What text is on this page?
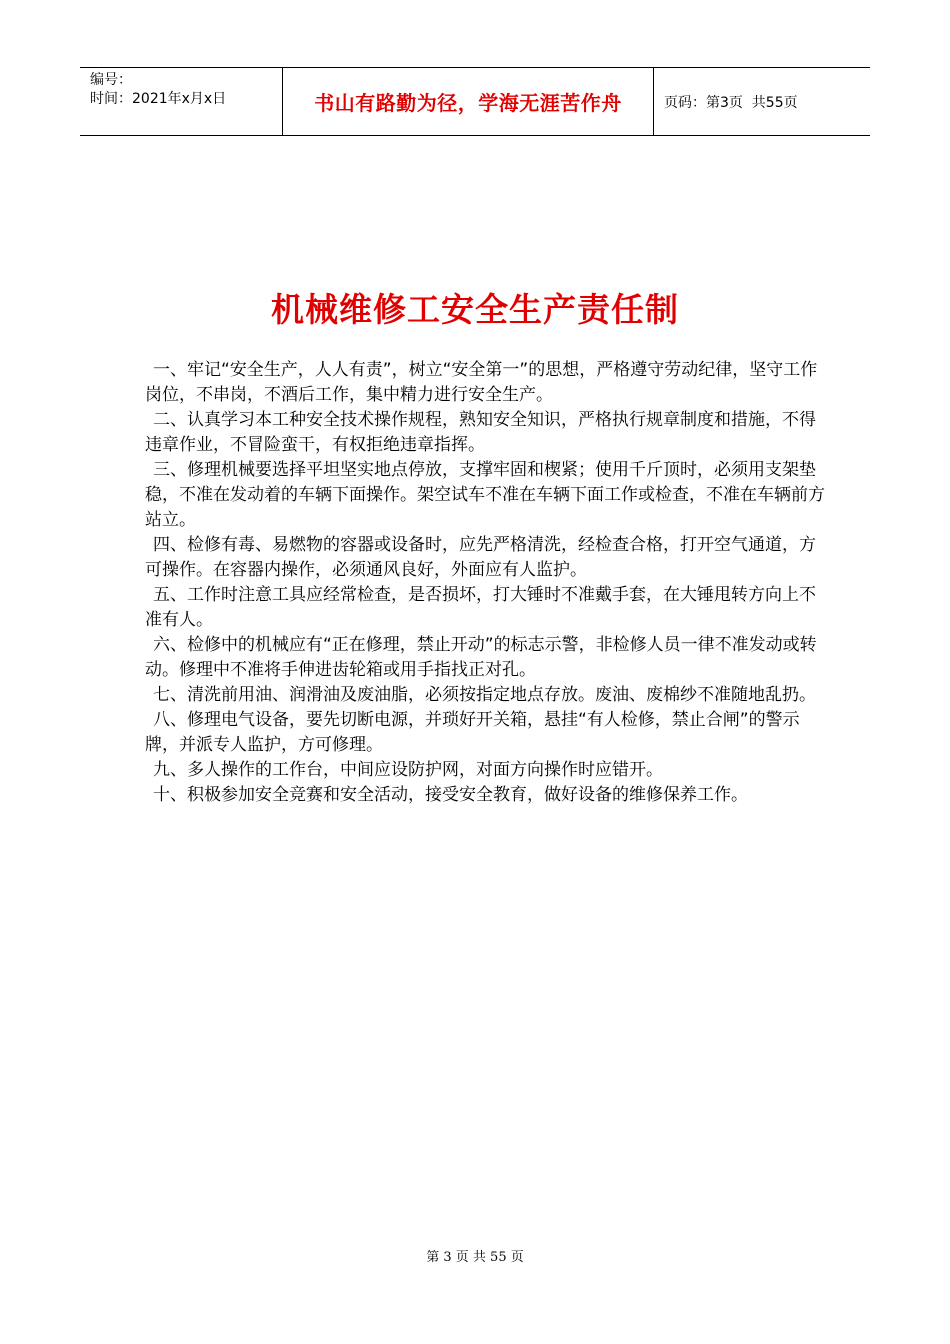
编号：
时间：2021年x月x日	书山有路勤为径，学海无涯苦作舟	页码：第3页  共55页
机械维修工安全生产责任制

一、牢记“安全生产，人人有责”，树立“安全第一”的思想，严格遵守劳动纪律，坚守工作岗位，不串岗，不酒后工作，集中精力进行安全生产。

二、认真学习本工种安全技术操作规程，熟知安全知识，严格执行规章制度和措施，不得违章作业，不冒险蛮干，有权拒绝违章指挥。

三、修理机械要选择平坦坚实地点停放，支撑牢固和楔紧；使用千斤顶时，必须用支架垫稳，不准在发动着的车辆下面操作。架空试车不准在车辆下面工作或检查，不准在车辆前方站立。

四、检修有毒、易燃物的容器或设备时，应先严格清洗，经检查合格，打开空气通道，方可操作。在容器内操作，必须通风良好，外面应有人监护。

五、工作时注意工具应经常检查，是否损坏，打大锤时不准戴手套，在大锤甩转方向上不准有人。

六、检修中的机械应有“正在修理，禁止开动”的标志示警，非检修人员一律不准发动或转动。修理中不准将手伸进齿轮箱或用手指找正对孔。

七、清洗前用油、润滑油及废油脂，必须按指定地点存放。废油、废棉纱不准随地乱扔。

八、修理电气设备，要先切断电源，并琐好开关箱，悬挂“有人检修，禁止合闸”的警示牌，并派专人监护，方可修理。

九、多人操作的工作台，中间应设防护网，对面方向操作时应错开。

十、积极参加安全竞赛和安全活动，接受安全教育，做好设备的维修保养工作。

第 3 页 共 55 页
